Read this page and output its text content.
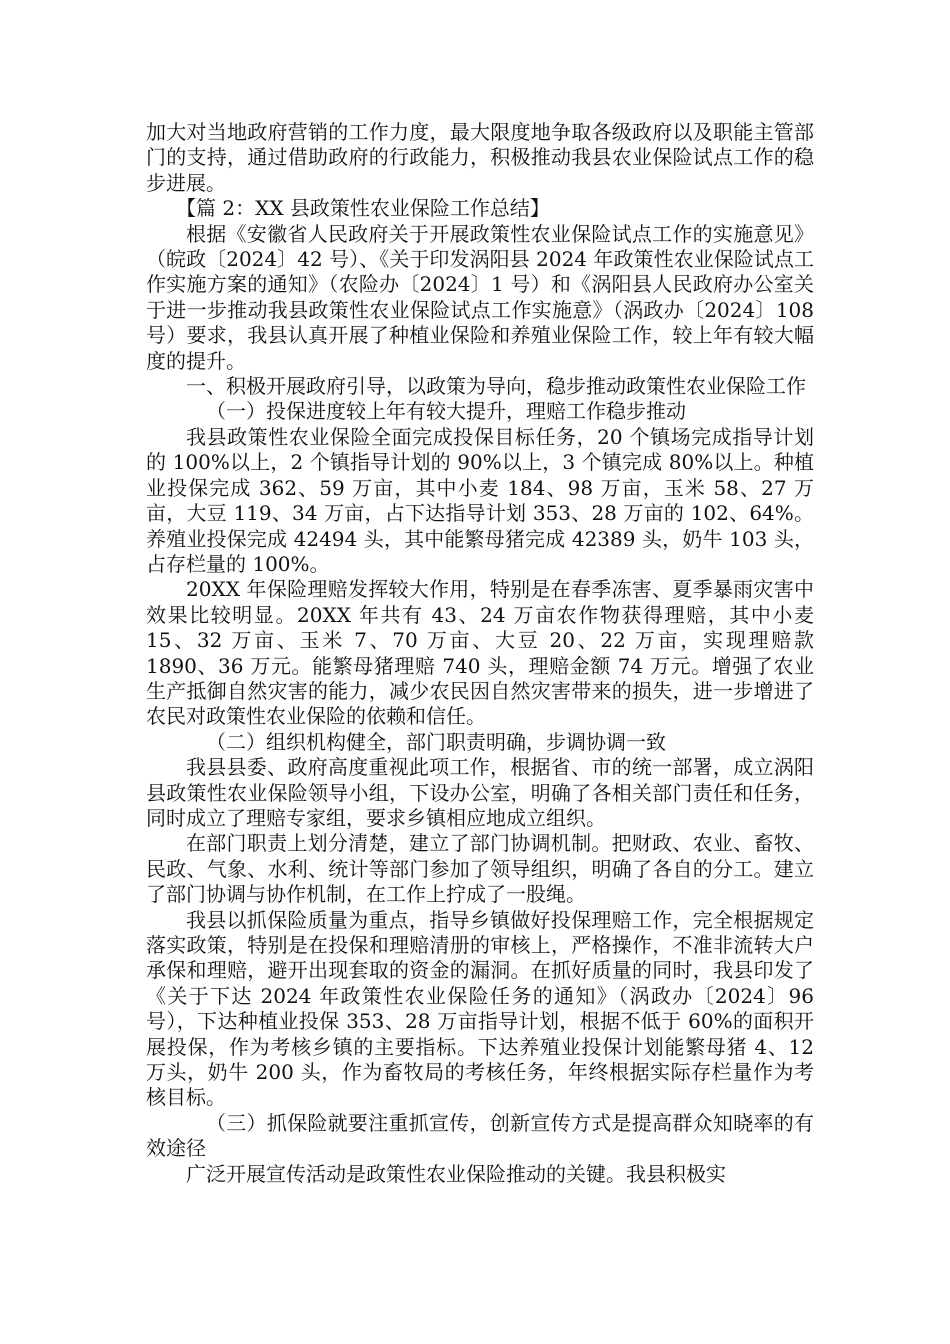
加大对当地政府营销的工作力度，最大限度地争取各级政府以及职能主管部门的支持，通过借助政府的行政能力，积极推动我县农业保险试点工作的稳步进展。

【篇 2：XX 县政策性农业保险工作总结】

根据《安徽省人民政府关于开展政策性农业保险试点工作的实施意见》（皖政〔2024〕42 号）、《关于印发涡阳县 2024 年政策性农业保险试点工作实施方案的通知》（农险办〔2024〕1 号）和《涡阳县人民政府办公室关于进一步推动我县政策性农业保险试点工作实施意》（涡政办〔2024〕108 号）要求，我县认真开展了种植业保险和养殖业保险工作，较上年有较大幅度的提升。

一、积极开展政府引导，以政策为导向，稳步推动政策性农业保险工作

（一）投保进度较上年有较大提升，理赔工作稳步推动

我县政策性农业保险全面完成投保目标任务，20 个镇场完成指导计划的 100%以上，2 个镇指导计划的 90%以上，3 个镇完成 80%以上。种植业投保完成 362、59 万亩，其中小麦 184、98 万亩，玉米 58、27 万亩，大豆 119、34 万亩，占下达指导计划 353、28 万亩的 102、64%。养殖业投保完成 42494 头，其中能繁母猪完成 42389 头，奶牛 103 头，占存栏量的 100%。

20XX 年保险理赔发挥较大作用，特别是在春季冻害、夏季暴雨灾害中效果比较明显。20XX 年共有 43、24 万亩农作物获得理赔，其中小麦 15、32 万亩、玉米 7、70 万亩、大豆 20、22 万亩，实现理赔款 1890、36 万元。能繁母猪理赔 740 头，理赔金额 74 万元。增强了农业生产抵御自然灾害的能力，减少农民因自然灾害带来的损失，进一步增进了农民对政策性农业保险的依赖和信任。

（二）组织机构健全，部门职责明确，步调协调一致

我县县委、政府高度重视此项工作，根据省、市的统一部署，成立涡阳县政策性农业保险领导小组，下设办公室，明确了各相关部门责任和任务，同时成立了理赔专家组，要求乡镇相应地成立组织。

在部门职责上划分清楚，建立了部门协调机制。把财政、农业、畜牧、民政、气象、水利、统计等部门参加了领导组织，明确了各自的分工。建立了部门协调与协作机制，在工作上拧成了一股绳。

我县以抓保险质量为重点，指导乡镇做好投保理赔工作，完全根据规定落实政策，特别是在投保和理赔清册的审核上，严格操作，不准非流转大户承保和理赔，避开出现套取的资金的漏洞。在抓好质量的同时，我县印发了《关于下达 2024 年政策性农业保险任务的通知》（涡政办〔2024〕96 号），下达种植业投保 353、28 万亩指导计划，根据不低于 60%的面积开展投保，作为考核乡镇的主要指标。下达养殖业投保计划能繁母猪 4、12 万头，奶牛 200 头，作为畜牧局的考核任务，年终根据实际存栏量作为考核目标。

（三）抓保险就要注重抓宣传，创新宣传方式是提高群众知晓率的有效途径

广泛开展宣传活动是政策性农业保险推动的关键。我县积极实
